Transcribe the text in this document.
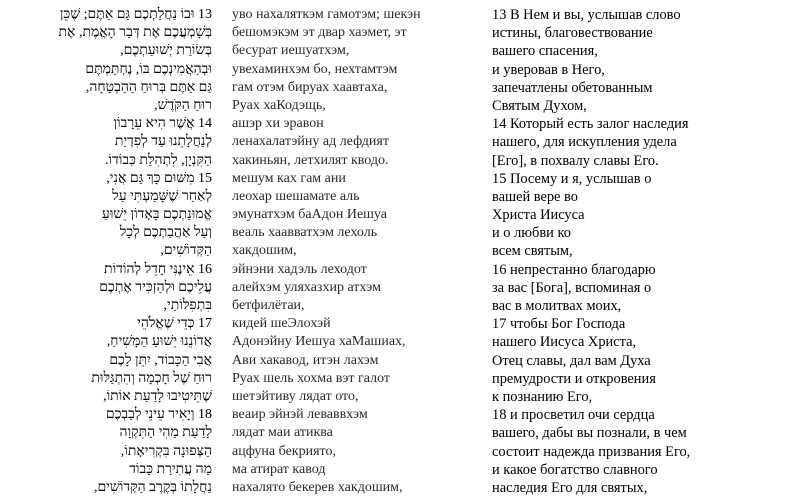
13 וּבוֹ נַחֲלַתְכֶם גַּם אַתֶּם; שֶׁכֵּן
בְּשָׁמְעֲכֶם אֶת דְּבַר הָאֱמֶת, אֶת
בְּשׂוֹרַת יְשׁוּעַתְכֶם,
וּבְהַאֲמִינְכֶם בּוֹ, נֶחְתַּמְתֶּם
גַּם אַתֶּם בְּרוּחַ הַהַבְטָחָה,
רוּחַ הַקֹּדֶשׁ,
14 אֲשֶׁר הִיא עֵרָבוֹן
לְנַחֲלָתֵנוּ עַד לְפִדְיַת
הַקִּנְיָן, לִתְהִלַּת כְּבוֹדוֹ.
15 מִשּׁוּם כָּךְ גַּם אֲנִי,
לְאַחַר שֶׁשָּׁמַעְתִּי עַל
אֱמוּנַתְכֶם בָּאָדוֹן יֵשׁוּעַ
וְעַל אַהֲבַתְכֶם לְכָל
הַקְּדוֹשִׁים,
16 אֵינֶנִּי חָדֵל לְהוֹדוֹת
עֲלֵיכֶם וּלְהַזְכִּיר אֶתְכֶם
בִּתְפִלּוֹתַי,
17 כְּדֵי שֶׁאֱלֹהֵי
אֲדוֹנֵנוּ יֵשׁוּעַ הַמָּשִׁיחַ,
אֲבִי הַכָּבוֹד, יִתֵּן לָכֶם
רוּחַ שֶׁל חָכְמָה וְהִתְגַּלּוּת
שֶׁתֵּיטִיבוּ לָדַעַת אוֹתוֹ,
18 וְיָאִיר עֵינֵי לְבַבְכֶם
לָדַעַת מַהִי הַתִּקְוָה
הַצְּפוּנָה בִּקְרִיאָתוֹ,
מַה עֲתִירַת כָּבוֹד
נַחֲלָתוֹ בְּקֶרֶב הַקְּדוֹשִׁים,
уво нахаляткэм гамотэм; шекэн
бешомэкэм эт двар хаэмет, эт
бесурат иешуатхэм,
увехаминхэм бо, нехтамтэм
гам отэм бируах хаавтаха,
Руах хаКодэщь,
ашэр хи эравон
ленахалатэйну ад лефдият
хакиньян, летхилят кводо.
мешум ках гам ани
леохар шешамате аль
эмунатхэм баАдон Иешуа
веаль хаавватхэм лехоль
хакдошим,
эйнэни хадэль леходот
алейхэм уляхазхир атхэм
бетфилётаи,
кидей шеЭлохэй
Адонэйну Иешуа хаМашиах,
Ави хакавод, итэн лахэм
Руах шель хохма вэт галот
шетэйтиву лядат ото,
веаир эйнэй леваввхэм
лядат маи атиква
ацфуна бекриято,
ма атират кавод
нахалято бекерев хакдошим,
13 В Нем и вы, услышав слово
истины, благовествование
вашего спасения,
и уверовав в Него,
запечатлены обетованным
Святым Духом,
14 Который есть залог наследия
нашего, для искупления удела
[Его], в похвалу славы Его.
15 Посему и я, услышав о
вашей вере во
Христа Иисуса
и о любви ко
всем святым,
16 непрестанно благодарю
за вас [Бога], вспоминая о
вас в молитвах моих,
17 чтобы Бог Господа
нашего Иисуса Христа,
Отец славы, дал вам Духа
премудрости и откровения
к познанию Его,
18 и просветил очи сердца
вашего, дабы вы познали, в чем
состоит надежда призвания Его,
и какое богатство славного
наследия Его для святых,
